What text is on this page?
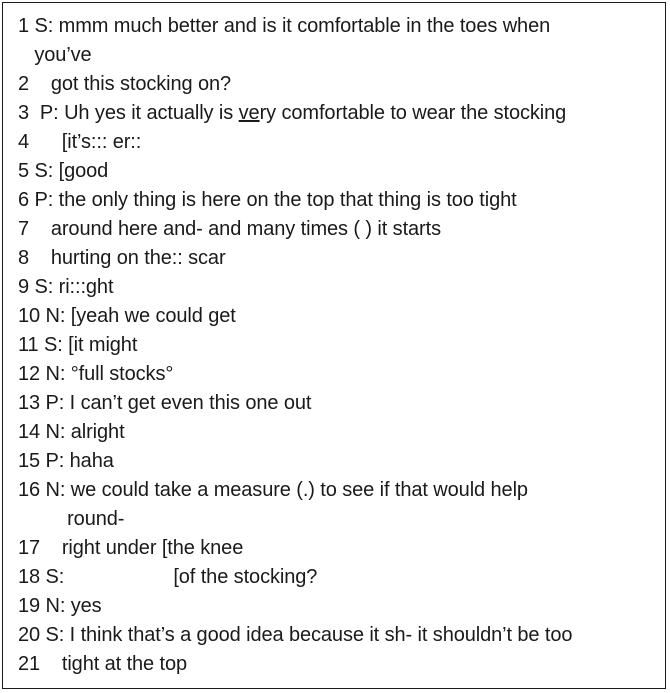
1 S: mmm much better and is it comfortable in the toes when
you’ve
2    got this stocking on?
3  P: Uh yes it actually is very comfortable to wear the stocking
4      [it’s::: er::
5 S: [good
6 P: the only thing is here on the top that thing is too tight
7    around here and- and many times ( ) it starts
8    hurting on the:: scar
9 S: ri:::ght
10 N: [yeah we could get
11 S: [it might
12 N: °full stocks°
13 P: I can’t get even this one out
14 N: alright
15 P: haha
16 N: we could take a measure (.) to see if that would help
round-
17    right under [the knee
18 S:                    [of the stocking?
19 N: yes
20 S: I think that’s a good idea because it sh- it shouldn’t be too
21    tight at the top
